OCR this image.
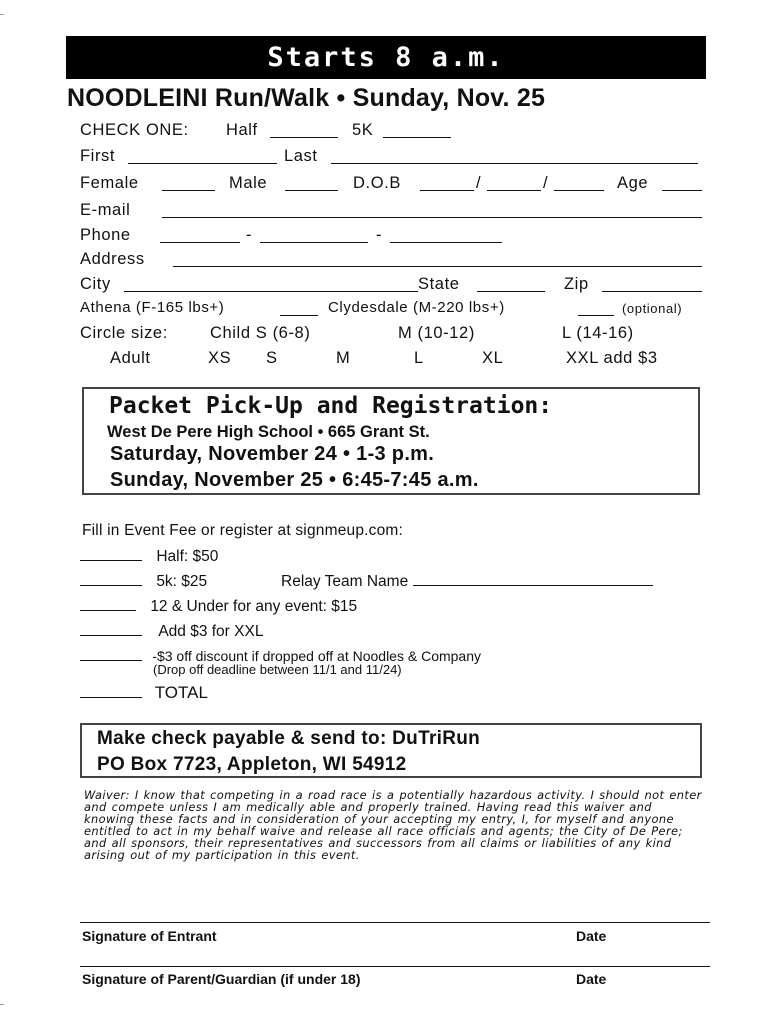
Starts 8 a.m.
NOODLEINI Run/Walk • Sunday, Nov. 25
CHECK ONE: Half	5K
First	Last
Female	Male	D.O.B	/	/	Age
E-mail
Phone	-	-
Address
City	State	Zip
Athena (F-165 lbs+)	Clydesdale (M-220 lbs+)	(optional)
Circle size:	Child S (6-8)	M (10-12)	L (14-16)
Adult	XS S	M	L	XL	XXL add $3
Packet Pick-Up and Registration:
West De Pere High School • 665 Grant St.
Saturday, November 24 • 1-3 p.m.
Sunday, November 25 • 6:45-7:45 a.m.
Fill in Event Fee or register at signmeup.com:
Half: $50
5k: $25	Relay Team Name
12 & Under for any event: $15
Add $3 for XXL
-$3 off discount if dropped off at Noodles & Company
(Drop off deadline between 11/1 and 11/24)
TOTAL
Make check payable & send to: DuTriRun
PO Box 7723, Appleton, WI 54912
Waiver: I know that competing in a road race is a potentially hazardous activity. I should not enter and compete unless I am medically able and properly trained. Having read this waiver and knowing these facts and in consideration of your accepting my entry, I, for myself and anyone entitled to act in my behalf waive and release all race officials and agents; the City of De Pere; and all sponsors, their representatives and successors from all claims or liabilities of any kind arising out of my participation in this event.
Signature of Entrant	Date
Signature of Parent/Guardian (if under 18)	Date
